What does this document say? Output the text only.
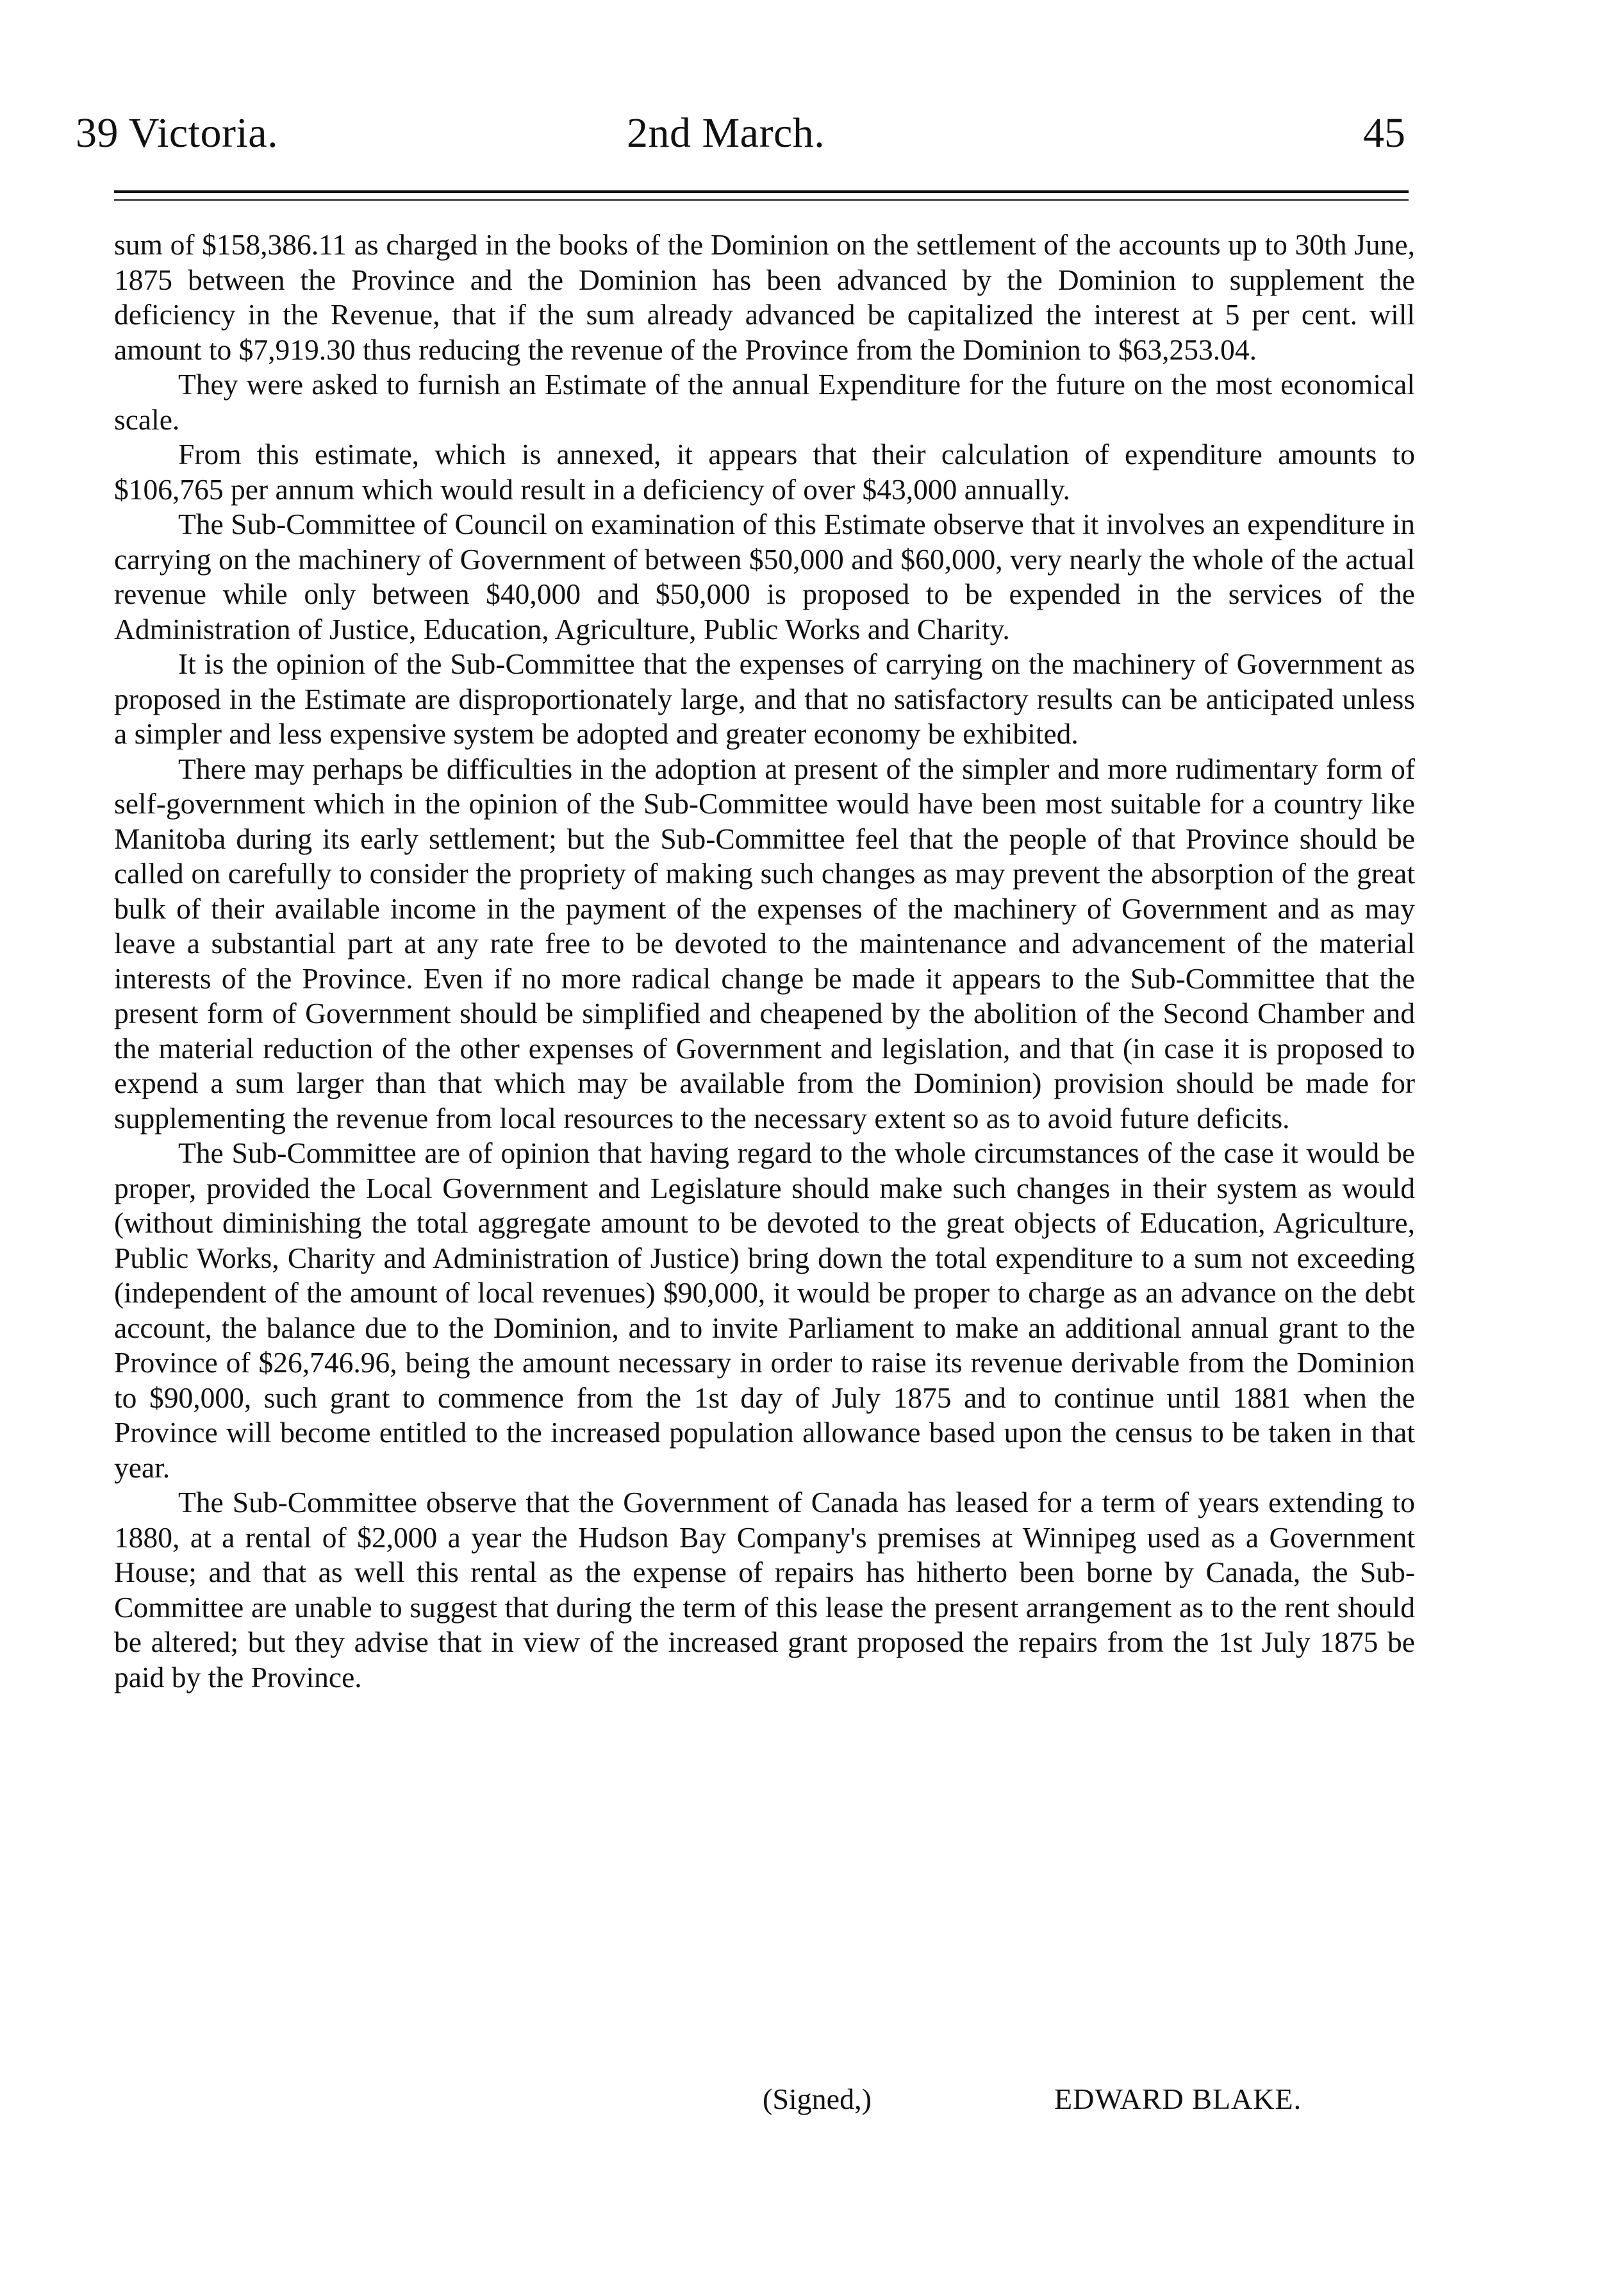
39 Victoria.	2nd March.	45

sum of $158,386.11 as charged in the books of the Dominion on the settlement of the accounts up to 30th June, 1875 between the Province and the Dominion has been advanced by the Dominion to supplement the deficiency in the Revenue, that if the sum already advanced be capitalized the interest at 5 per cent. will amount to $7,919.30 thus reducing the revenue of the Province from the Dominion to $63,253.04.

They were asked to furnish an Estimate of the annual Expenditure for the future on the most economical scale.

From this estimate, which is annexed, it appears that their calculation of expenditure amounts to $106,765 per annum which would result in a deficiency of over $43,000 annually.

The Sub-Committee of Council on examination of this Estimate observe that it involves an expenditure in carrying on the machinery of Government of between $50,000 and $60,000, very nearly the whole of the actual revenue while only between $40,000 and $50,000 is proposed to be expended in the services of the Administration of Justice, Education, Agriculture, Public Works and Charity.

It is the opinion of the Sub-Committee that the expenses of carrying on the machinery of Government as proposed in the Estimate are disproportionately large, and that no satisfactory results can be anticipated unless a simpler and less expensive system be adopted and greater economy be exhibited.

There may perhaps be difficulties in the adoption at present of the simpler and more rudimentary form of self-government which in the opinion of the Sub-Committee would have been most suitable for a country like Manitoba during its early settlement; but the Sub-Committee feel that the people of that Province should be called on carefully to consider the propriety of making such changes as may prevent the absorption of the great bulk of their available income in the payment of the expenses of the machinery of Government and as may leave a substantial part at any rate free to be devoted to the maintenance and advancement of the material interests of the Province. Even if no more radical change be made it appears to the Sub-Committee that the present form of Government should be simplified and cheapened by the abolition of the Second Chamber and the material reduction of the other expenses of Government and legislation, and that (in case it is proposed to expend a sum larger than that which may be available from the Dominion) provision should be made for supplementing the revenue from local resources to the necessary extent so as to avoid future deficits.

The Sub-Committee are of opinion that having regard to the whole circumstances of the case it would be proper, provided the Local Government and Legislature should make such changes in their system as would (without diminishing the total aggregate amount to be devoted to the great objects of Education, Agriculture, Public Works, Charity and Administration of Justice) bring down the total expenditure to a sum not exceeding (independent of the amount of local revenues) $90,000, it would be proper to charge as an advance on the debt account, the balance due to the Dominion, and to invite Parliament to make an additional annual grant to the Province of $26,746.96, being the amount necessary in order to raise its revenue derivable from the Dominion to $90,000, such grant to commence from the 1st day of July 1875 and to continue until 1881 when the Province will become entitled to the increased population allowance based upon the census to be taken in that year.

The Sub-Committee observe that the Government of Canada has leased for a term of years extending to 1880, at a rental of $2,000 a year the Hudson Bay Company's premises at Winnipeg used as a Government House; and that as well this rental as the expense of repairs has hitherto been borne by Canada, the Sub-Committee are unable to suggest that during the term of this lease the present arrangement as to the rent should be altered; but they advise that in view of the increased grant proposed the repairs from the 1st July 1875 be paid by the Province.

(Signed,)	EDWARD BLAKE.
